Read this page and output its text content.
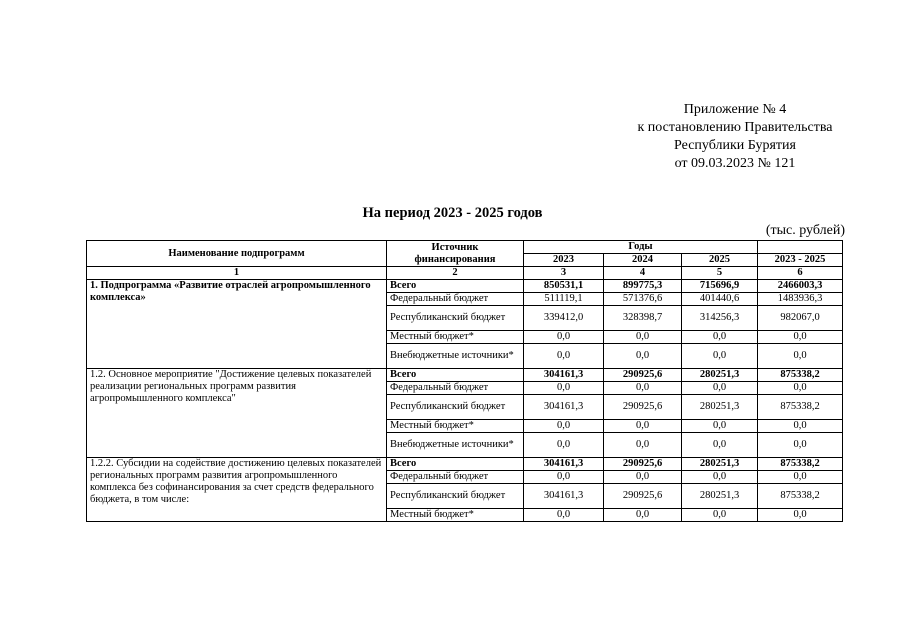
Приложение № 4
к постановлению Правительства
Республики Бурятия
от 09.03.2023 № 121
На период 2023 - 2025 годов
(тыс. рублей)
Наименование подпрограмм	Источник финансирования	Годы			
		2023	2024	2025	2023 - 2025
1	2	3	4	5	6
1. Подпрограмма «Развитие отраслей агропромышленного комплекса»	Всего	850531,1	899775,3	715696,9	2466003,3
	Федеральный бюджет	511119,1	571376,6	401440,6	1483936,3
	Республиканский бюджет	339412,0	328398,7	314256,3	982067,0
	Местный бюджет*	0,0	0,0	0,0	0,0
	Внебюджетные источники*	0,0	0,0	0,0	0,0
1.2. Основное мероприятие "Достижение целевых показателей реализации региональных программ развития агропромышленного комплекса"	Всего	304161,3	290925,6	280251,3	875338,2
	Федеральный бюджет	0,0	0,0	0,0	0,0
	Республиканский бюджет	304161,3	290925,6	280251,3	875338,2
	Местный бюджет*	0,0	0,0	0,0	0,0
	Внебюджетные источники*	0,0	0,0	0,0	0,0
1.2.2. Субсидии на содействие достижению целевых показателей региональных программ развития агропромышленного комплекса без софинансирования за счет средств федерального бюджета, в том числе:	Всего	304161,3	290925,6	280251,3	875338,2
	Федеральный бюджет	0,0	0,0	0,0	0,0
	Республиканский бюджет	304161,3	290925,6	280251,3	875338,2
	Местный бюджет*	0,0	0,0	0,0	0,0
